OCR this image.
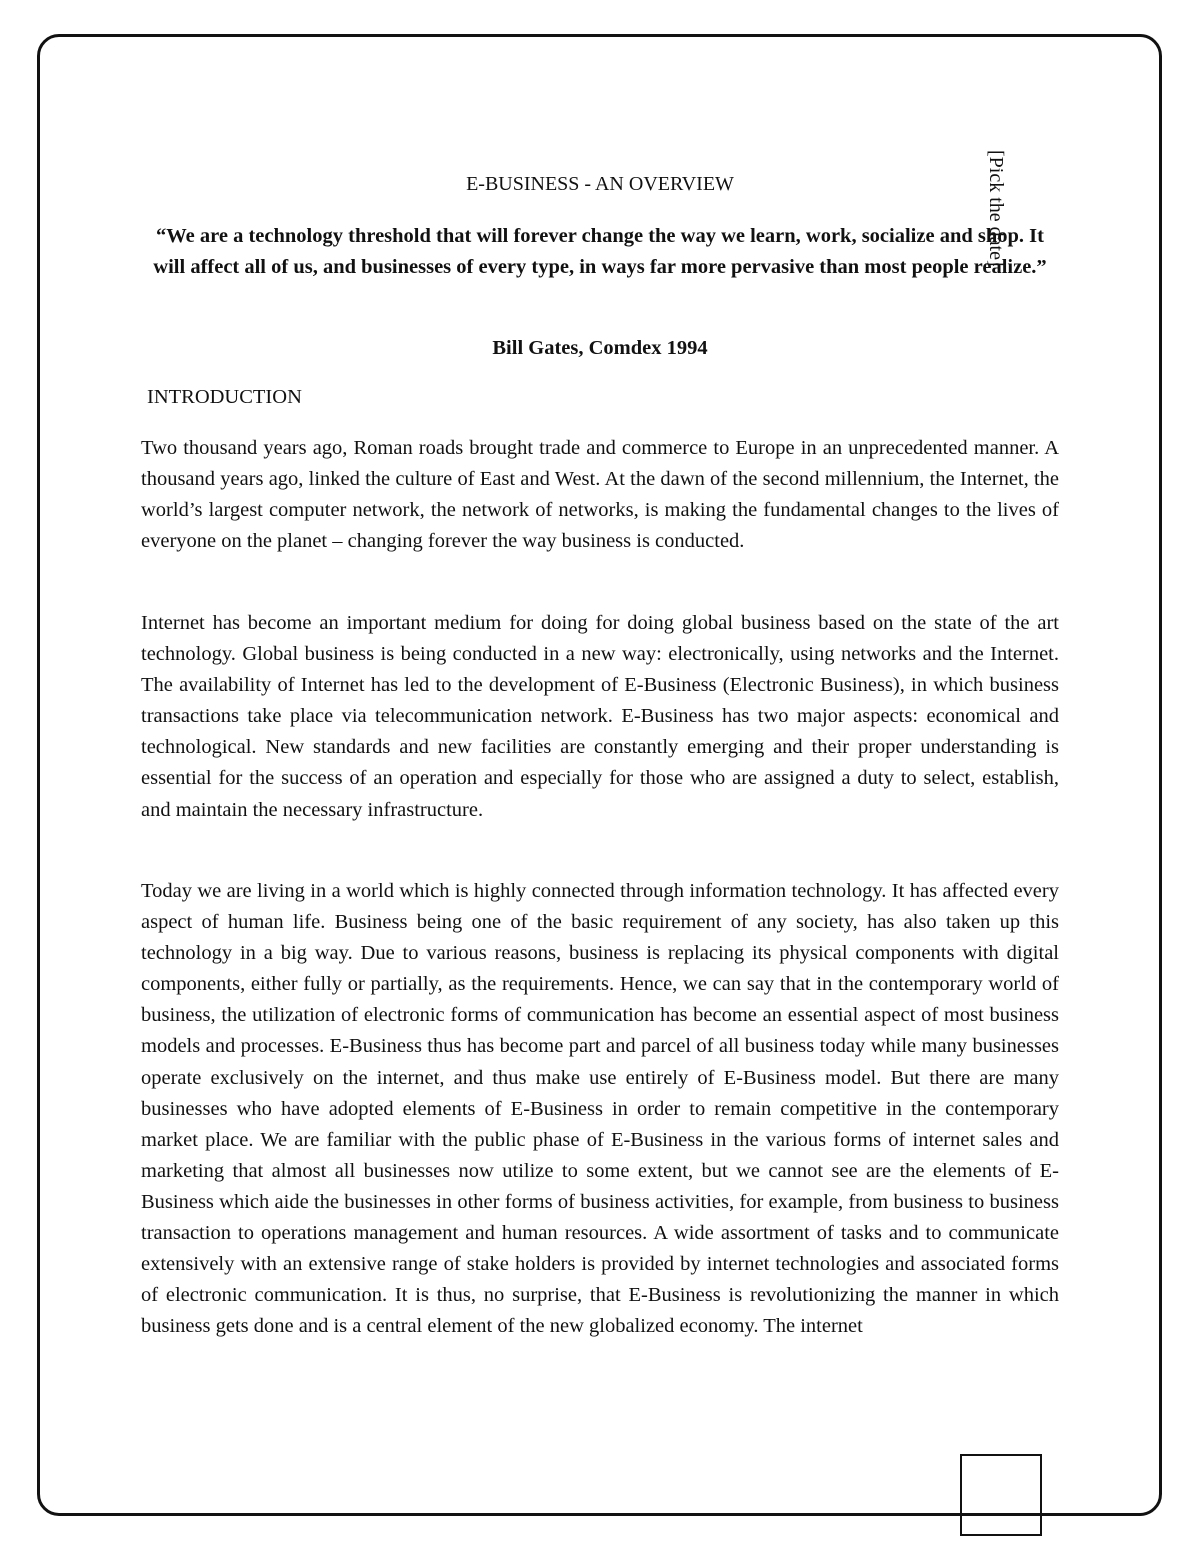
E-BUSINESS - AN OVERVIEW

“We are a technology threshold that will forever change the way we learn, work, socialize and shop. It will affect all of us, and businesses of every type, in ways far more pervasive than most people realize.”

Bill Gates, Comdex 1994

[Pick the date]
INTRODUCTION

Two thousand years ago, Roman roads brought trade and commerce to Europe in an unprecedented manner. A thousand years ago, linked the culture of East and West. At the dawn of the second millennium, the Internet, the world’s largest computer network, the network of networks, is making the fundamental changes to the lives of everyone on the planet – changing forever the way business is conducted.

Internet has become an important medium for doing for doing global business based on the state of the art technology. Global business is being conducted in a new way: electronically, using networks and the Internet. The availability of Internet has led to the development of E-Business (Electronic Business), in which business transactions take place via telecommunication network. E-Business has two major aspects: economical and technological. New standards and new facilities are constantly emerging and their proper understanding is essential for the success of an operation and especially for those who are assigned a duty to select, establish, and maintain the necessary infrastructure.

Today we are living in a world which is highly connected through information technology. It has affected every aspect of human life. Business being one of the basic requirement of any society, has also taken up this technology in a big way. Due to various reasons, business is replacing its physical components with digital components, either fully or partially, as the requirements. Hence, we can say that in the contemporary world of business, the utilization of electronic forms of communication has become an essential aspect of most business models and processes. E-Business thus has become part and parcel of all business today while many businesses operate exclusively on the internet, and thus make use entirely of E-Business model. But there are many businesses who have adopted elements of E-Business in order to remain competitive in the contemporary market place. We are familiar with the public phase of E-Business in the various forms of internet sales and marketing that almost all businesses now utilize to some extent, but we cannot see are the elements of E-Business which aide the businesses in other forms of business activities, for example, from business to business transaction to operations management and human resources. A wide assortment of tasks and to communicate extensively with an extensive range of stake holders is provided by internet technologies and associated forms of electronic communication. It is thus, no surprise, that E-Business is revolutionizing the manner in which business gets done and is a central element of the new globalized economy. The internet
